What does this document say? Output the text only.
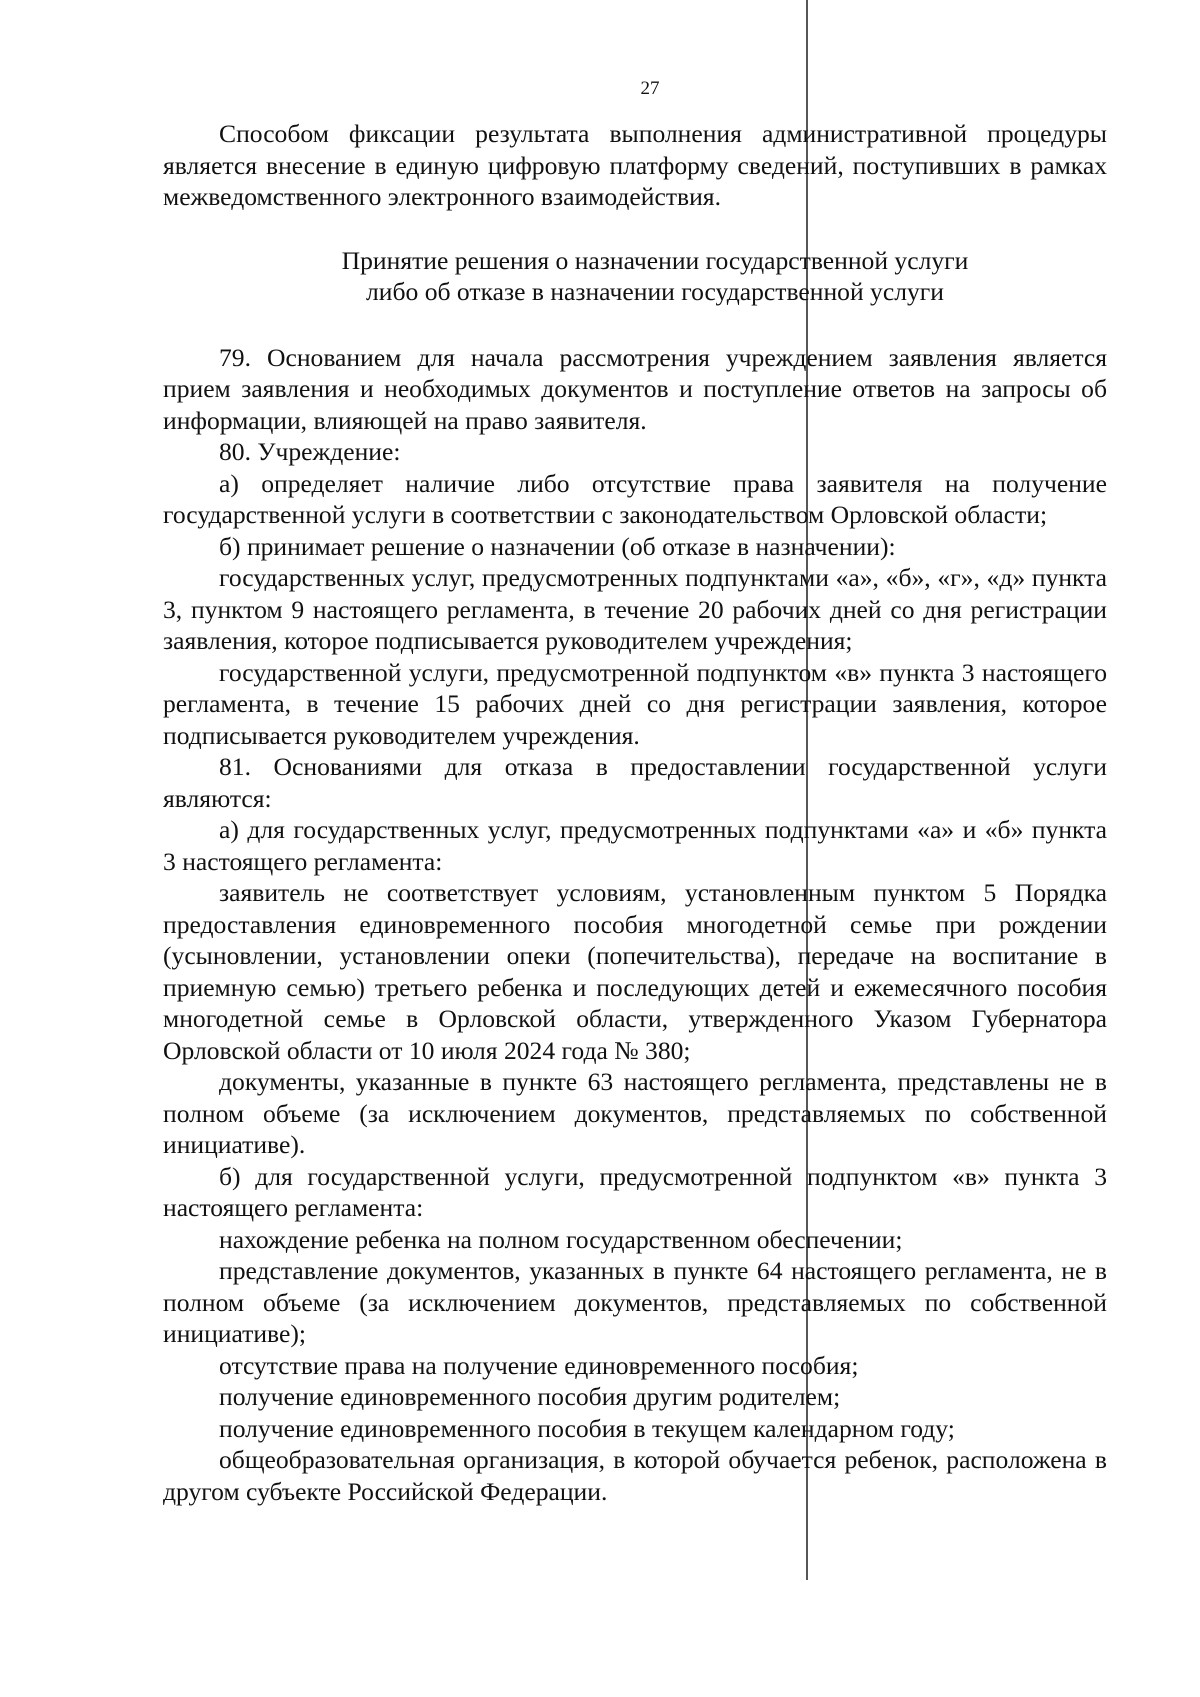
27

Способом фиксации результата выполнения административной процедуры является внесение в единую цифровую платформу сведений, поступивших в рамках межведомственного электронного взаимодействия.

Принятие решения о назначении государственной услуги
либо об отказе в назначении государственной услуги

79. Основанием для начала рассмотрения учреждением заявления является прием заявления и необходимых документов и поступление ответов на запросы об информации, влияющей на право заявителя.

80. Учреждение:

а) определяет наличие либо отсутствие права заявителя на получение государственной услуги в соответствии с законодательством Орловской области;

б) принимает решение о назначении (об отказе в назначении):

государственных услуг, предусмотренных подпунктами «а», «б», «г», «д» пункта 3, пунктом 9 настоящего регламента, в течение 20 рабочих дней со дня регистрации заявления, которое подписывается руководителем учреждения;

государственной услуги, предусмотренной подпунктом «в» пункта 3 настоящего регламента, в течение 15 рабочих дней со дня регистрации заявления, которое подписывается руководителем учреждения.

81. Основаниями для отказа в предоставлении государственной услуги являются:

а) для государственных услуг, предусмотренных подпунктами «а» и «б» пункта 3 настоящего регламента:

заявитель не соответствует условиям, установленным пунктом 5 Порядка предоставления единовременного пособия многодетной семье при рождении (усыновлении, установлении опеки (попечительства), передаче на воспитание в приемную семью) третьего ребенка и последующих детей и ежемесячного пособия многодетной семье в Орловской области, утвержденного Указом Губернатора Орловской области от 10 июля 2024 года № 380;

документы, указанные в пункте 63 настоящего регламента, представлены не в полном объеме (за исключением документов, представляемых по собственной инициативе).

б) для государственной услуги, предусмотренной подпунктом «в» пункта 3 настоящего регламента:

нахождение ребенка на полном государственном обеспечении;

представление документов, указанных в пункте 64 настоящего регламента, не в полном объеме (за исключением документов, представляемых по собственной инициативе);

отсутствие права на получение единовременного пособия;

получение единовременного пособия другим родителем;

получение единовременного пособия в текущем календарном году;

общеобразовательная организация, в которой обучается ребенок, расположена в другом субъекте Российской Федерации.
